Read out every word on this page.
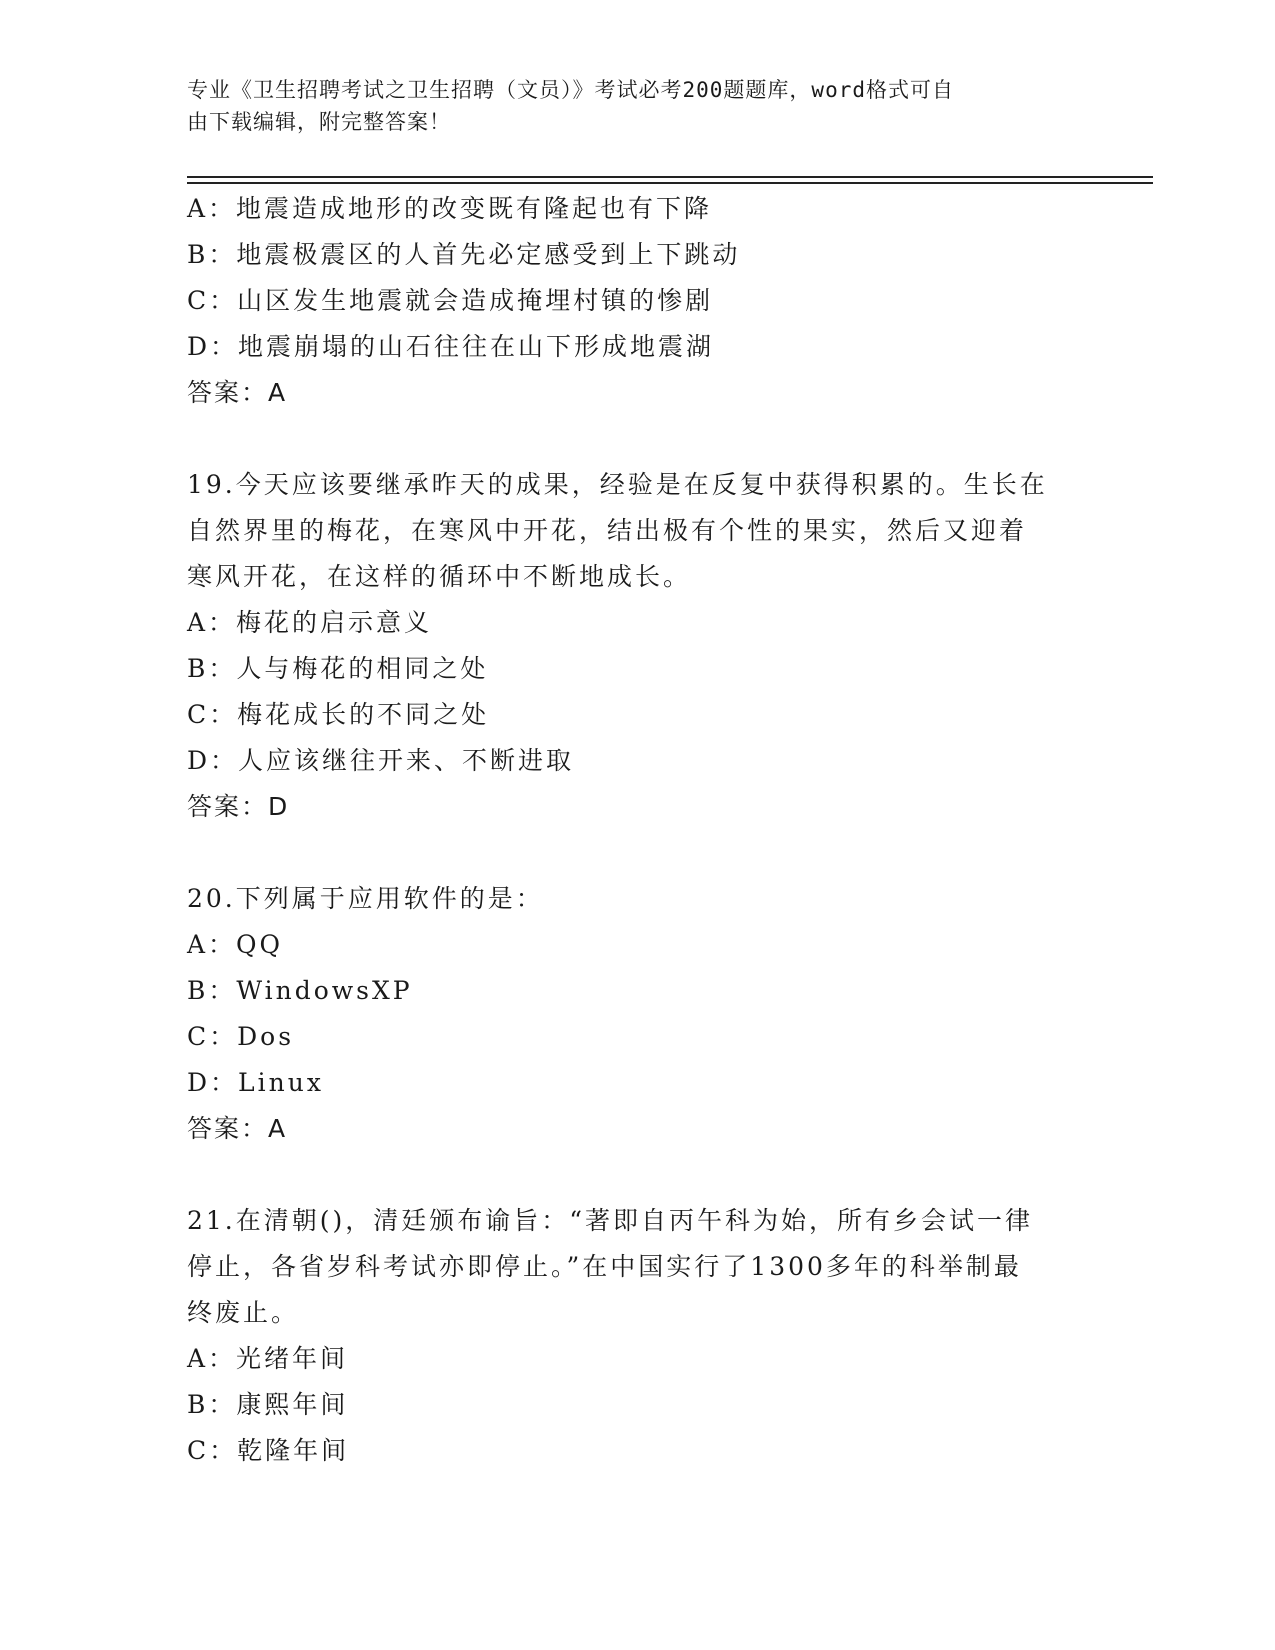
专业《卫生招聘考试之卫生招聘（文员）》考试必考200题题库，word格式可自
由下载编辑，附完整答案！
A：地震造成地形的改变既有隆起也有下降
B：地震极震区的人首先必定感受到上下跳动
C：山区发生地震就会造成掩埋村镇的惨剧
D：地震崩塌的山石往往在山下形成地震湖
答案：A
19.今天应该要继承昨天的成果，经验是在反复中获得积累的。生长在
自然界里的梅花，在寒风中开花，结出极有个性的果实，然后又迎着
寒风开花，在这样的循环中不断地成长。
A：梅花的启示意义
B：人与梅花的相同之处
C：梅花成长的不同之处
D：人应该继往开来、不断进取
答案：D
20.下列属于应用软件的是：
A：QQ
B：WindowsXP
C：Dos
D：Linux
答案：A
21.在清朝()，清廷颁布谕旨：“著即自丙午科为始，所有乡会试一律
停止，各省岁科考试亦即停止。”在中国实行了1300多年的科举制最
终废止。
A：光绪年间
B：康熙年间
C：乾隆年间
